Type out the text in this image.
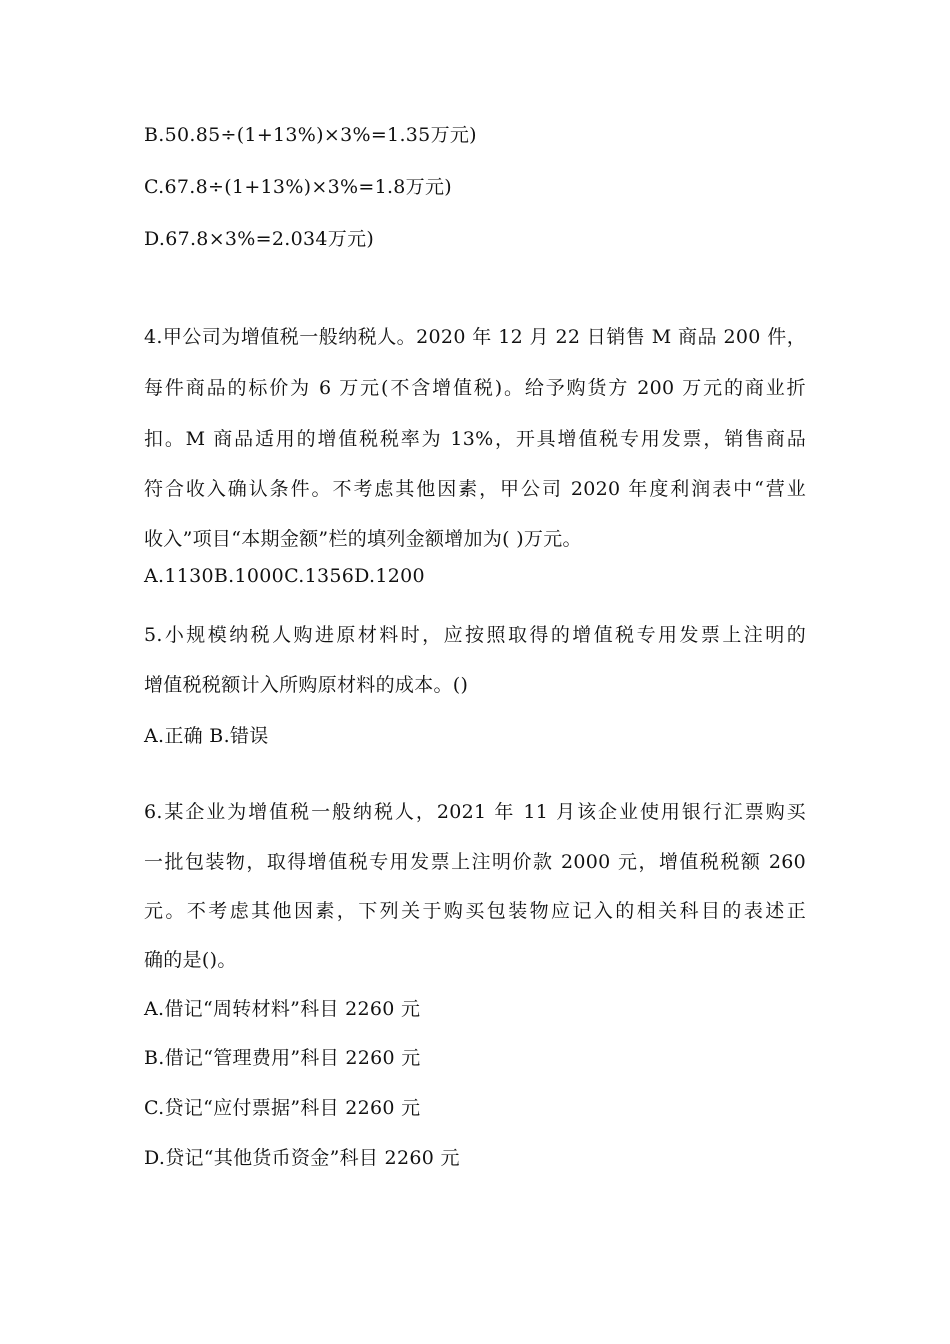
B.50.85÷(1+13%)×3%=1.35万元)
C.67.8÷(1+13%)×3%=1.8万元)
D.67.8×3%=2.034万元)
4.甲公司为增值税一般纳税人。2020 年 12 月 22 日销售 M 商品 200 件，
每件商品的标价为 6 万元(不含增值税)。给予购货方 200 万元的商业折
扣。M 商品适用的增值税税率为 13%，开具增值税专用发票，销售商品
符合收入确认条件。不考虑其他因素，甲公司 2020 年度利润表中“营业
收入”项目“本期金额”栏的填列金额增加为( )万元。
A.1130B.1000C.1356D.1200
5.小规模纳税人购进原材料时，应按照取得的增值税专用发票上注明的
增值税税额计入所购原材料的成本。()
A.正确 B.错误
6.某企业为增值税一般纳税人，2021 年 11 月该企业使用银行汇票购买
一批包装物，取得增值税专用发票上注明价款 2000 元，增值税税额 260
元。不考虑其他因素，下列关于购买包装物应记入的相关科目的表述正
确的是()。
A.借记“周转材料”科目 2260 元
B.借记“管理费用”科目 2260 元
C.贷记“应付票据”科目 2260 元
D.贷记“其他货币资金”科目 2260 元
